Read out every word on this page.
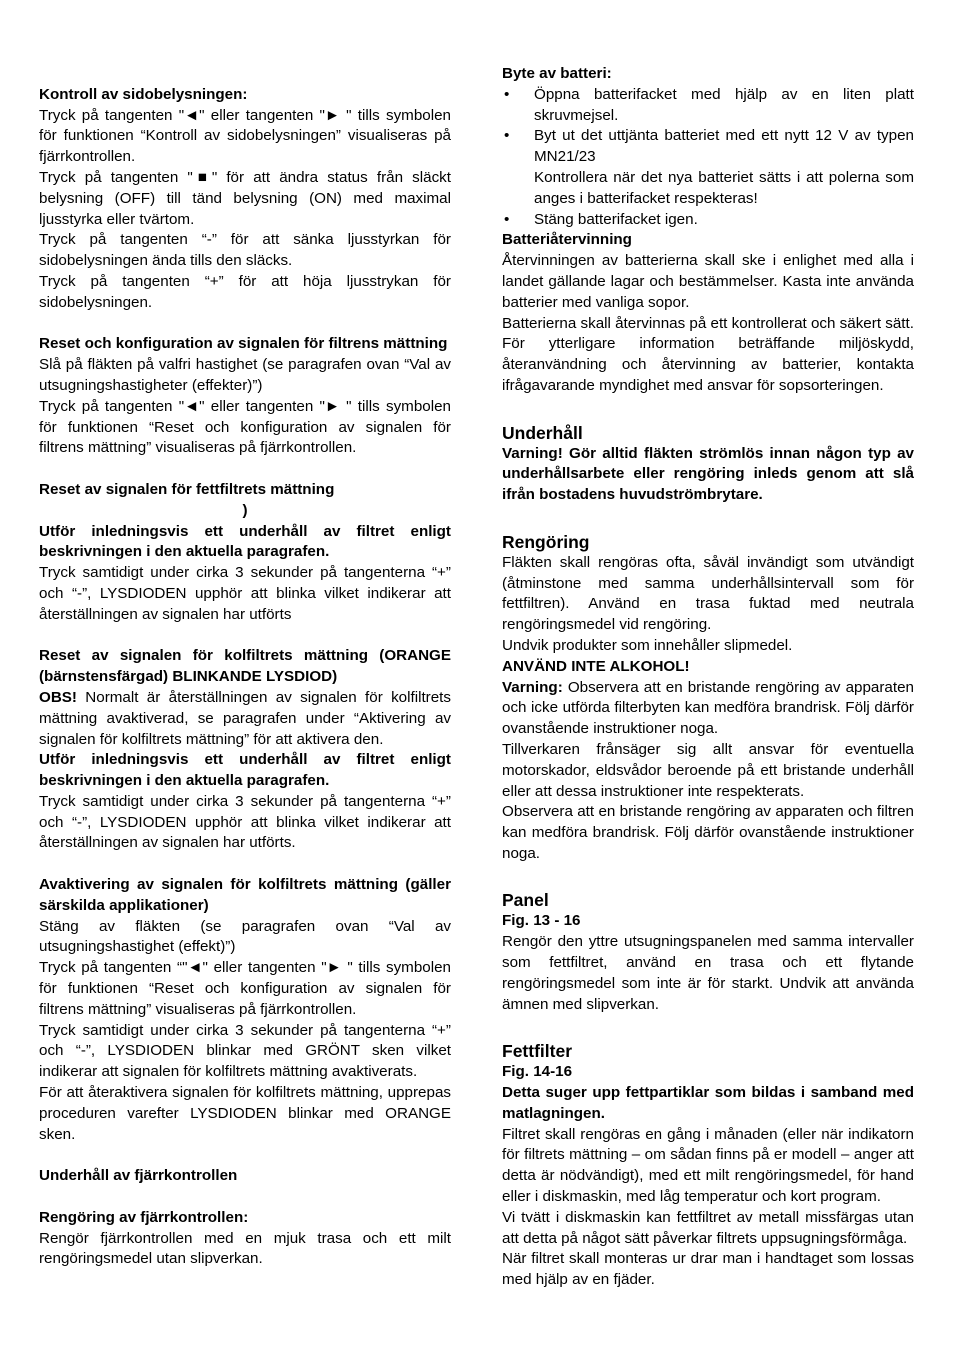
Kontroll av sidobelysningen:

Tryck på tangenten "◄" eller tangenten "► " tills symbolen för funktionen “Kontroll av sidobelysningen” visualiseras på fjärrkontrollen.

Tryck på tangenten "■" för att ändra status från släckt belysning (OFF) till tänd belysning (ON) med maximal ljusstyrka eller tvärtom.

Tryck på tangenten “-” för att sänka ljusstyrkan för sidobelysningen ända tills den släcks.

Tryck på tangenten “+” för att höja ljusstrykan för sidobelysningen.

Reset och konfiguration av signalen för filtrens mättning

Slå på fläkten på valfri hastighet (se paragrafen ovan “Val av utsugningshastigheter (effekter)”)

Tryck på tangenten "◄" eller tangenten "► " tills symbolen för funktionen “Reset och konfiguration av signalen för filtrens mättning” visualiseras på fjärrkontrollen.

Reset av signalen för fettfiltrets mättning

)

Utför inledningsvis ett underhåll av filtret enligt beskrivningen i den aktuella paragrafen.

Tryck samtidigt under cirka 3 sekunder på tangenterna “+” och “-”, LYSDIODEN upphör att blinka vilket indikerar att återställningen av signalen har utförts

Reset av signalen för kolfiltrets mättning (ORANGE (bärnstensfärgad) BLINKANDE LYSDIOD)

OBS! Normalt är återställningen av signalen för kolfiltrets mättning avaktiverad, se paragrafen under “Aktivering av signalen för kolfiltrets mättning” för att aktivera den.

Utför inledningsvis ett underhåll av filtret enligt beskrivningen i den aktuella paragrafen.

Tryck samtidigt under cirka 3 sekunder på tangenterna “+” och “-”, LYSDIODEN upphör att blinka vilket indikerar att återställningen av signalen har utförts.

Avaktivering av signalen för kolfiltrets mättning (gäller särskilda applikationer)

Stäng av fläkten (se paragrafen ovan “Val av utsugningshastighet (effekt)”)

Tryck på tangenten “"◄" eller tangenten "► " tills symbolen för funktionen “Reset och konfiguration av signalen för filtrens mättning” visualiseras på fjärrkontrollen.

Tryck samtidigt under cirka 3 sekunder på tangenterna “+” och “-”, LYSDIODEN blinkar med GRÖNT sken vilket indikerar att signalen för kolfiltrets mättning avaktiverats.

För att återaktivera signalen för kolfiltrets mättning, upprepas proceduren varefter LYSDIODEN blinkar med ORANGE sken.

Underhåll av fjärrkontrollen

Rengöring av fjärrkontrollen:

Rengör fjärrkontrollen med en mjuk trasa och ett milt rengöringsmedel utan slipverkan.

Byte av batteri:

• Öppna batterifacket med hjälp av en liten platt skruvmejsel.
• Byt ut det uttjänta batteriet med ett nytt 12 V av typen MN21/23

Kontrollera när det nya batteriet sätts i att polerna som anges i batterifacket respekteras!

• Stäng batterifacket igen.

Batteriåtervinning

Återvinningen av batterierna skall ske i enlighet med alla i landet gällande lagar och bestämmelser. Kasta inte använda batterier med vanliga sopor.

Batterierna skall återvinnas på ett kontrollerat och säkert sätt.

För ytterligare information beträffande miljöskydd, återanvändning och återvinning av batterier, kontakta ifrågavarande myndighet med ansvar för sopsorteringen.

Underhåll

Varning! Gör alltid fläkten strömlös innan någon typ av underhållsarbete eller rengöring inleds genom att slå ifrån bostadens huvudströmbrytare.

Rengöring

Fläkten skall rengöras ofta, såväl invändigt som utvändigt (åtminstone med samma underhållsintervall som för fettfiltren). Använd en trasa fuktad med neutrala rengöringsmedel vid rengöring.

Undvik produkter som innehåller slipmedel.

ANVÄND INTE ALKOHOL!

Varning: Observera att en bristande rengöring av apparaten och icke utförda filterbyten kan medföra brandrisk. Följ därför ovanstående instruktioner noga.

Tillverkaren frånsäger sig allt ansvar för eventuella motorskador, eldsvådor beroende på ett bristande underhåll eller att dessa instruktioner inte respekterats.

Observera att en bristande rengöring av apparaten och filtren kan medföra brandrisk. Följ därför ovanstående instruktioner noga.

Panel

Fig. 13 - 16

Rengör den yttre utsugningspanelen med samma intervaller som fettfiltret, använd en trasa och ett flytande rengöringsmedel som inte är för starkt. Undvik att använda ämnen med slipverkan.

Fettfilter

Fig. 14-16

Detta suger upp fettpartiklar som bildas i samband med matlagningen.

Filtret skall rengöras en gång i månaden (eller när indikatorn för filtrets mättning – om sådan finns på er modell – anger att detta är nödvändigt), med ett milt rengöringsmedel, för hand eller i diskmaskin, med låg temperatur och kort program.

Vi tvätt i diskmaskin kan fettfiltret av metall missfärgas utan att detta på något sätt påverkar filtrets uppsugningsförmåga.

När filtret skall monteras ur drar man i handtaget som lossas med hjälp av en fjäder.
